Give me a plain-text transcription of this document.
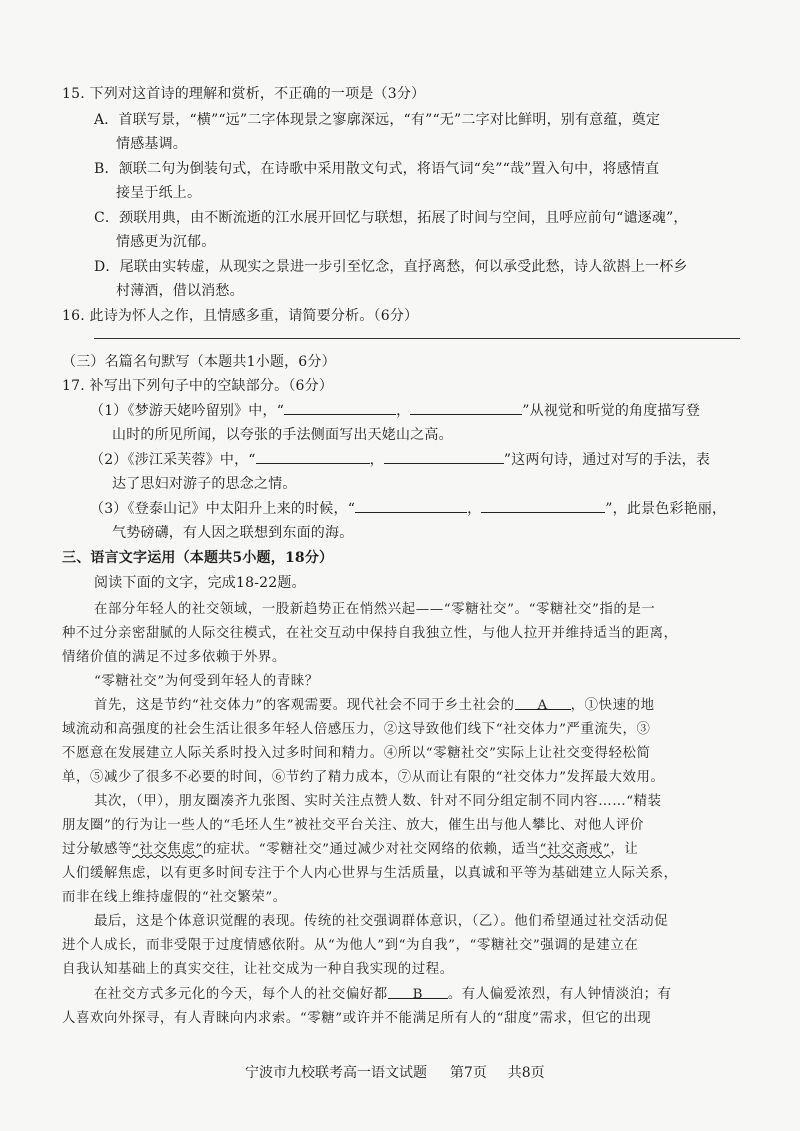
15. 下列对这首诗的理解和赏析，不正确的一项是（3分）
A．首联写景，“横”“远”二字体现景之寥廓深远，“有”“无”二字对比鲜明，别有意蕴，奠定
情感基调。
B．颔联二句为倒装句式，在诗歌中采用散文句式，将语气词“矣”“哉”置入句中，将感情直
接呈于纸上。
C．颈联用典，由不断流逝的江水展开回忆与联想，拓展了时间与空间，且呼应前句“谴逐魂”，
情感更为沉郁。
D．尾联由实转虚，从现实之景进一步引至忆念，直抒离愁，何以承受此愁，诗人欲斟上一杯乡
村薄酒，借以消愁。
16. 此诗为怀人之作，且情感多重，请简要分析。（6分）
（三）名篇名句默写（本题共1小题，6分）
17. 补写出下列句子中的空缺部分。（6分）
（1）《梦游天姥吟留别》中，“	，	”从视觉和听觉的角度描写登
山时的所见所闻，以夸张的手法侧面写出天姥山之高。
（2）《涉江采芙蓉》中，“	，	”这两句诗，通过对写的手法，表
达了思妇对游子的思念之情。
（3）《登泰山记》中太阳升上来的时候，“	，	”，此景色彩艳丽，
气势磅礴，有人因之联想到东面的海。
三、语言文字运用（本题共5小题，18分）
阅读下面的文字，完成18-22题。
在部分年轻人的社交领域，一股新趋势正在悄然兴起——“零糖社交”。“零糖社交”指的是一
种不过分亲密甜腻的人际交往模式，在社交互动中保持自我独立性，与他人拉开并维持适当的距离，
情绪价值的满足不过多依赖于外界。
“零糖社交”为何受到年轻人的青睐？
首先，这是节约“社交体力”的客观需要。现代社会不同于乡土社会的 A ，①快速的地
域流动和高强度的社会生活让很多年轻人倍感压力，②这导致他们线下“社交体力”严重流失，③
不愿意在发展建立人际关系时投入过多时间和精力。④所以“零糖社交”实际上让社交变得轻松简
单，⑤减少了很多不必要的时间，⑥节约了精力成本，⑦从而让有限的“社交体力”发挥最大效用。
其次，（甲），朋友圈凑齐九张图、实时关注点赞人数、针对不同分组定制不同内容……“精装
朋友圈”的行为让一些人的“毛坯人生”被社交平台关注、放大，催生出与他人攀比、对他人评价
过分敏感等“社交焦虑”的症状。“零糖社交”通过减少对社交网络的依赖，适当“社交斋戒”，让
人们缓解焦虑，以有更多时间专注于个人内心世界与生活质量，以真诚和平等为基础建立人际关系，
而非在线上维持虚假的“社交繁荣”。
最后，这是个体意识觉醒的表现。传统的社交强调群体意识，（乙）。他们希望通过社交活动促
进个人成长，而非受限于过度情感依附。从“为他人”到“为自我”，“零糖社交”强调的是建立在
自我认知基础上的真实交往，让社交成为一种自我实现的过程。
在社交方式多元化的今天，每个人的社交偏好都 B 。有人偏爱浓烈，有人钟情淡泊；有
人喜欢向外探寻，有人青睐向内求索。“零糖”或许并不能满足所有人的“甜度”需求，但它的出现
宁波市九校联考高一语文试题 第7页 共8页
